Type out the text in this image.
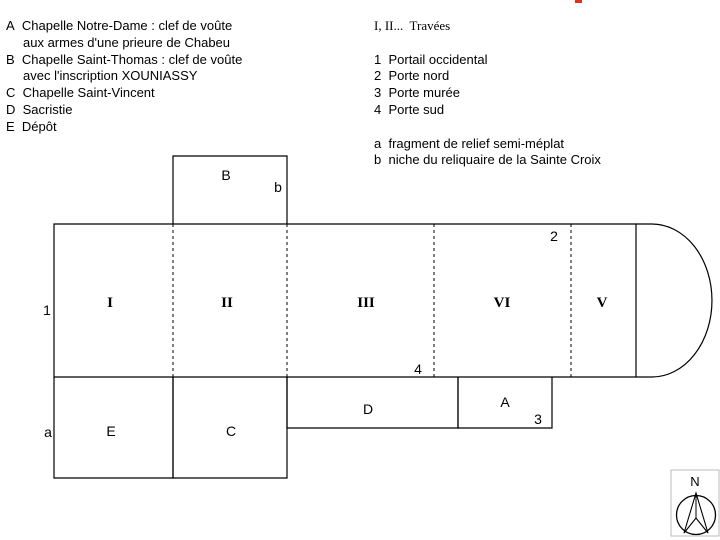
A Chapelle Notre-Dame : clef de voûte
aux armes d'une prieure de Chabeu
B Chapelle Saint-Thomas : clef de voûte
avec l'inscription XOUNIASSY
C Chapelle Saint-Vincent
D Sacristie
E Dépôt
I, II... Travées
1 Portail occidental
2 Porte nord
3 Porte murée
4 Porte sud
a fragment de relief semi-méplat
b niche du reliquaire de la Sainte Croix
I	II	III	VI	V
B
E	C
D	A
1
2
3
4
a
b
N
